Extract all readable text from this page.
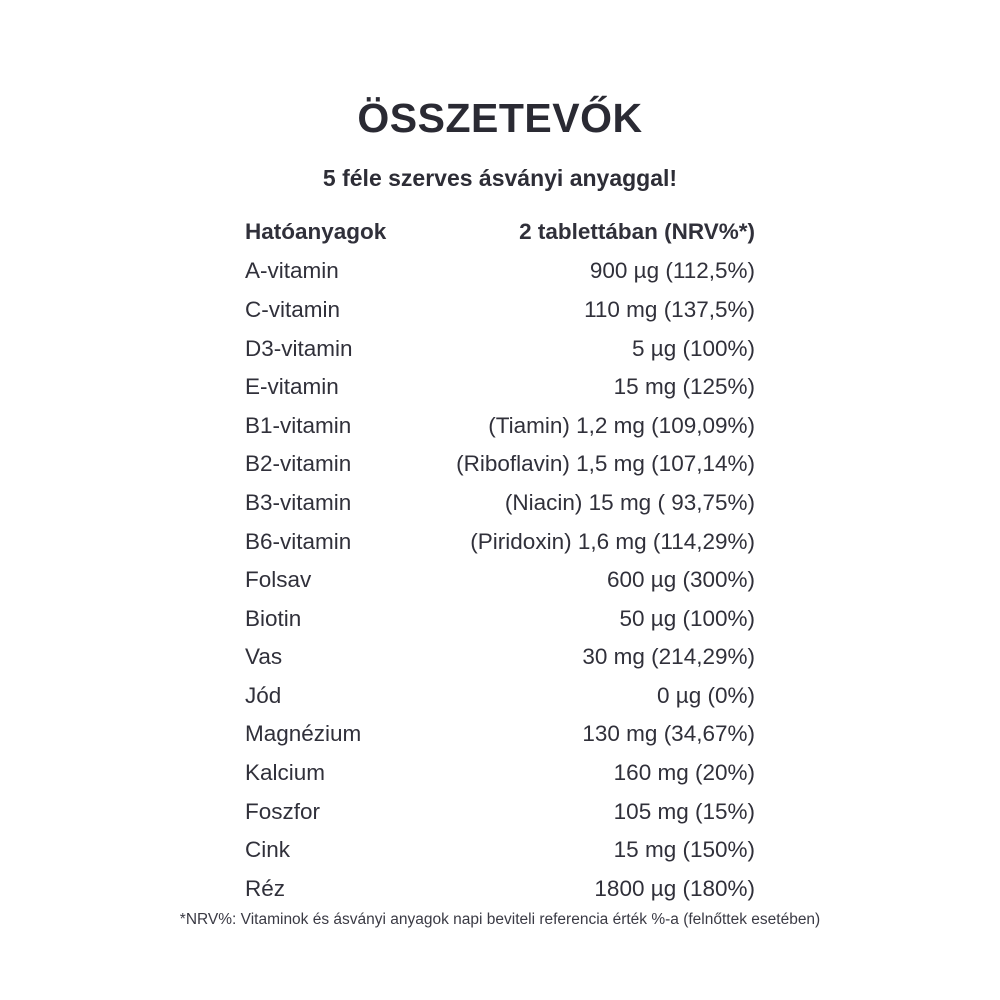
ÖSSZETEVŐK
5 féle szerves ásványi anyaggal!
Hatóanyagok	2 tablettában (NRV%*)
A-vitamin	900 µg (112,5%)
C-vitamin	110 mg (137,5%)
D3-vitamin	5 µg (100%)
E-vitamin	15 mg (125%)
B1-vitamin	(Tiamin) 1,2 mg (109,09%)
B2-vitamin	(Riboflavin) 1,5 mg (107,14%)
B3-vitamin	(Niacin) 15 mg ( 93,75%)
B6-vitamin	(Piridoxin) 1,6 mg (114,29%)
Folsav	600 µg (300%)
Biotin	50 µg (100%)
Vas	30 mg (214,29%)
Jód	0 µg (0%)
Magnézium	130 mg (34,67%)
Kalcium	160 mg (20%)
Foszfor	105 mg (15%)
Cink	15 mg (150%)
Réz	1800 µg (180%)
*NRV%: Vitaminok és ásványi anyagok napi beviteli referencia érték %-a (felnőttek esetében)
